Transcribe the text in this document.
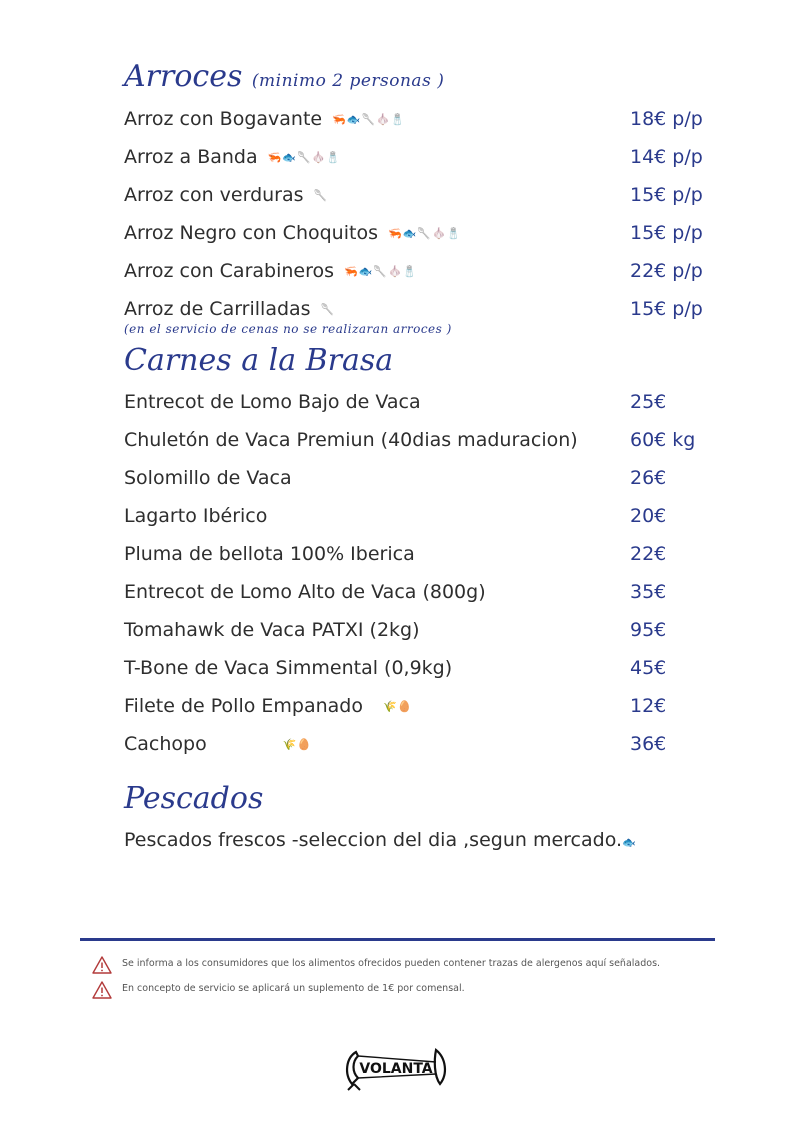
Arroces (minimo 2 personas )
Arroz con Bogavante 🦐🐟🥄🧄🧂	18€ p/p
Arroz a Banda 🦐🐟🥄🧄🧂	14€ p/p
Arroz con verduras 🥄	15€ p/p
Arroz Negro con Choquitos 🦐🐟🥄🧄🧂	15€ p/p
Arroz con Carabineros 🦐🐟🥄🧄🧂	22€ p/p
Arroz de Carrilladas 🥄	15€ p/p
(en el servicio de cenas no se realizaran arroces )
Carnes a la Brasa
Entrecot de Lomo Bajo de Vaca	25€
Chuletón de Vaca Premiun (40dias maduracion)	60€ kg
Solomillo de Vaca	26€
Lagarto Ibérico	20€
Pluma de bellota 100% Iberica	22€
Entrecot de Lomo Alto de Vaca (800g)	35€
Tomahawk de Vaca PATXI (2kg)	95€
T-Bone de Vaca Simmental (0,9kg)	45€
Filete de Pollo Empanado 🌾🥚	12€
Cachopo	🌾🥚	36€
Pescados
Pescados frescos -seleccion del dia ,segun mercado.🐟
Se informa a los consumidores que los alimentos ofrecidos pueden contener trazas de alergenos aquí señalados.
En concepto de servicio se aplicará un suplemento de 1€ por comensal.
VOLANTA
